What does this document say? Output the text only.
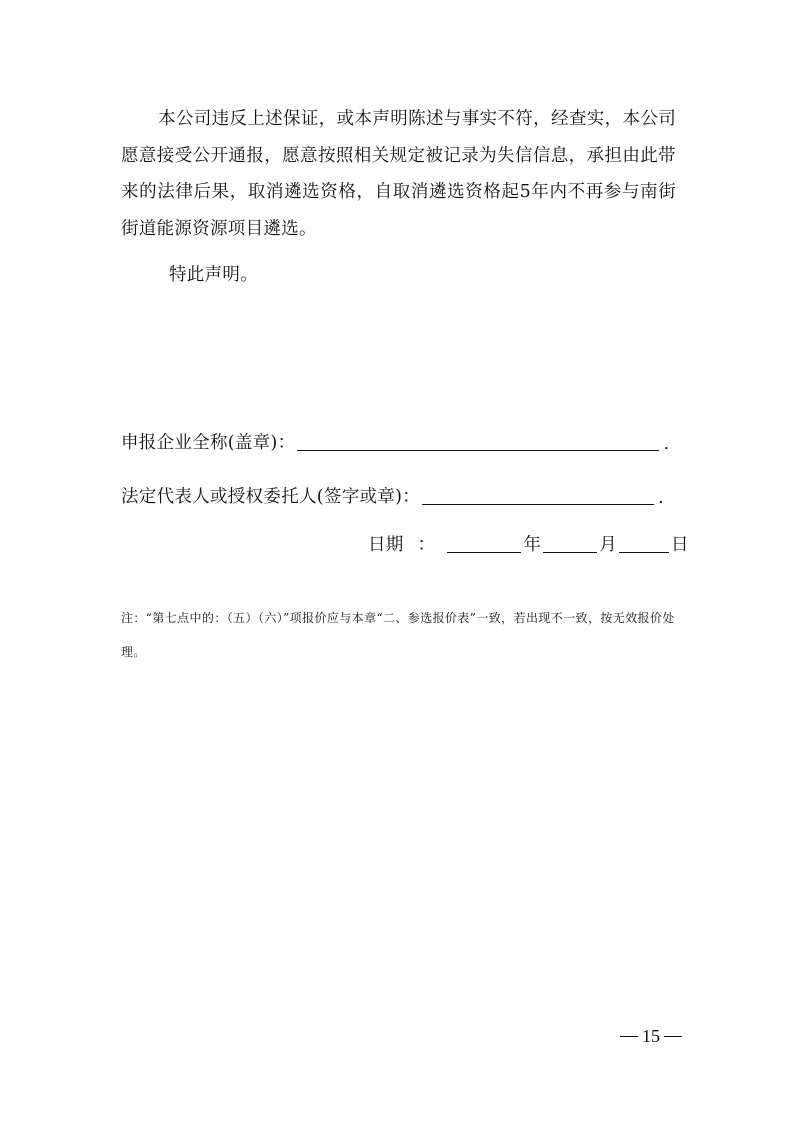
本公司违反上述保证，或本声明陈述与事实不符，经查实，本公司愿意接受公开通报，愿意按照相关规定被记录为失信信息，承担由此带来的法律后果，取消遴选资格，自取消遴选资格起5年内不再参与南街街道能源资源项目遴选。

特此声明。

申报企业全称(盖章)：	.
法定代表人或授权委托人(签字或章)：	.
日期 ：	年	月	日

注：“第七点中的：（五）（六）”项报价应与本章“二、参选报价表”一致，若出现不一致，按无效报价处理。

15
